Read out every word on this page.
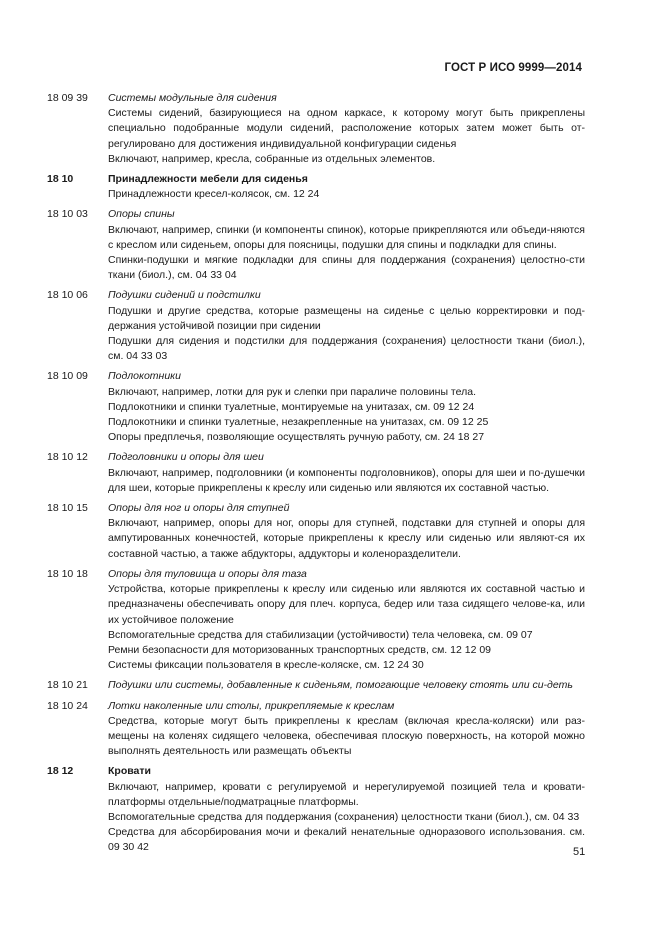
ГОСТ Р ИСО 9999—2014
18 09 39	Системы модульные для сидения
Системы сидений, базирующиеся на одном каркасе, к которому могут быть прикреплены специально подобранные модули сидений, расположение которых затем может быть от-регулировано для достижения индивидуальной конфигурации сиденья
Включают, например, кресла, собранные из отдельных элементов.
18 10	Принадлежности мебели для сиденья
Принадлежности кресел-колясок, см. 12 24
18 10 03	Опоры спины
Включают, например, спинки (и компоненты спинок), которые прикрепляются или объеди-няются с креслом или сиденьем, опоры для поясницы, подушки для спины и подкладки для спины.
Спинки-подушки и мягкие подкладки для спины для поддержания (сохранения) целостно-сти ткани (биол.), см. 04 33 04
18 10 06	Подушки сидений и подстилки
Подушки и другие средства, которые размещены на сиденье с целью корректировки и под-держания устойчивой позиции при сидении
Подушки для сидения и подстилки для поддержания (сохранения) целостности ткани (биол.), см. 04 33 03
18 10 09	Подлокотники
Включают, например, лотки для рук и слепки при параличе половины тела.
Подлокотники и спинки туалетные, монтируемые на унитазах, см. 09 12 24
Подлокотники и спинки туалетные, незакрепленные на унитазах, см. 09 12 25
Опоры предплечья, позволяющие осуществлять ручную работу, см. 24 18 27
18 10 12	Подголовники и опоры для шеи
Включают, например, подголовники (и компоненты подголовников), опоры для шеи и по-душечки для шеи, которые прикреплены к креслу или сиденью или являются их составной частью.
18 10 15	Опоры для ног и опоры для ступней
Включают, например, опоры для ног, опоры для ступней, подставки для ступней и опоры для ампутированных конечностей, которые прикреплены к креслу или сиденью или являют-ся их составной частью, а также абдукторы, аддукторы и коленоразделители.
18 10 18	Опоры для туловища и опоры для таза
Устройства, которые прикреплены к креслу или сиденью или являются их составной частью и предназначены обеспечивать опору для плеч. корпуса, бедер или таза сидящего челове-ка, или их устойчивое положение
Вспомогательные средства для стабилизации (устойчивости) тела человека, см. 09 07
Ремни безопасности для моторизованных транспортных средств, см. 12 12 09
Системы фиксации пользователя в кресле-коляске, см. 12 24 30
18 10 21	Подушки или системы, добавленные к сиденьям, помогающие человеку стоять или си-деть
18 10 24	Лотки наколенные или столы, прикрепляемые к креслам
Средства, которые могут быть прикреплены к креслам (включая кресла-коляски) или раз-мещены на коленях сидящего человека, обеспечивая плоскую поверхность, на которой можно выполнять деятельность или размещать объекты
18 12	Кровати
Включают, например, кровати с регулируемой и нерегулируемой позицией тела и кровати-платформы отдельные/подматрацные платформы.
Вспомогательные средства для поддержания (сохранения) целостности ткани (биол.), см. 04 33
Средства для абсорбирования мочи и фекалий ненательные одноразового использования. см. 09 30 42	51
